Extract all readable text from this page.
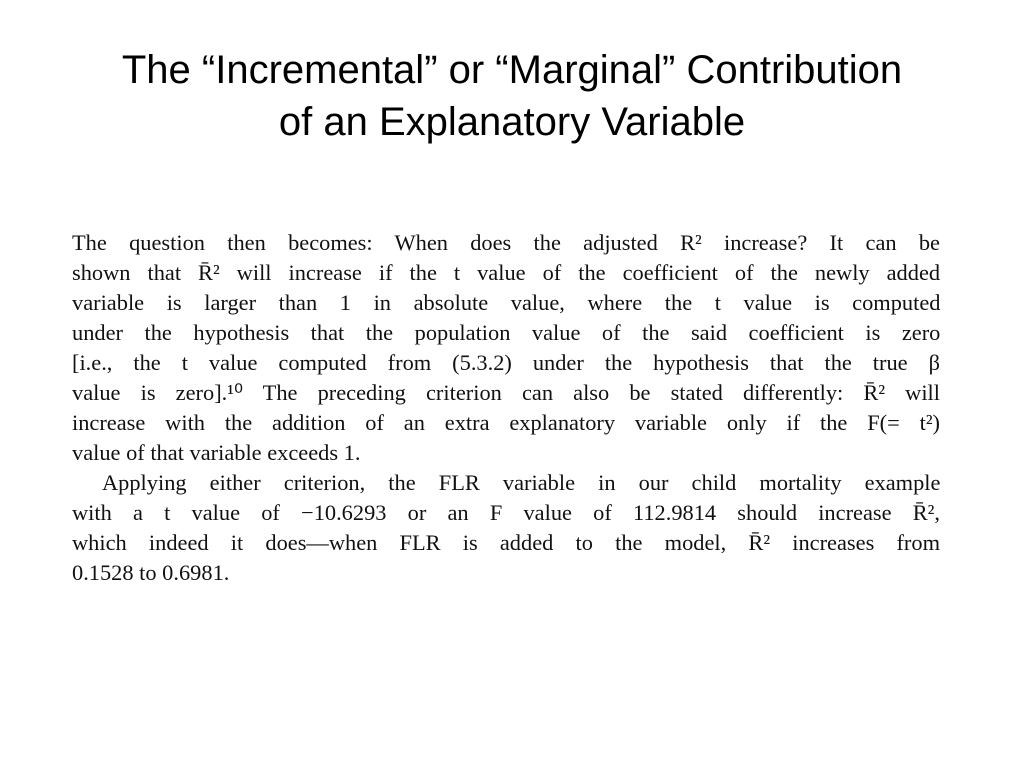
The “Incremental” or “Marginal” Contribution
of an Explanatory Variable
The question then becomes: When does the adjusted R² increase? It can be
shown that R̄² will increase if the t value of the coefficient of the newly added
variable is larger than 1 in absolute value, where the t value is computed
under the hypothesis that the population value of the said coefficient is zero
[i.e., the t value computed from (5.3.2) under the hypothesis that the true β
value is zero].¹⁰ The preceding criterion can also be stated differently: R̄² will
increase with the addition of an extra explanatory variable only if the F(= t²)
value of that variable exceeds 1.
Applying either criterion, the FLR variable in our child mortality example
with a t value of −10.6293 or an F value of 112.9814 should increase R̄²,
which indeed it does—when FLR is added to the model, R̄² increases from
0.1528 to 0.6981.
